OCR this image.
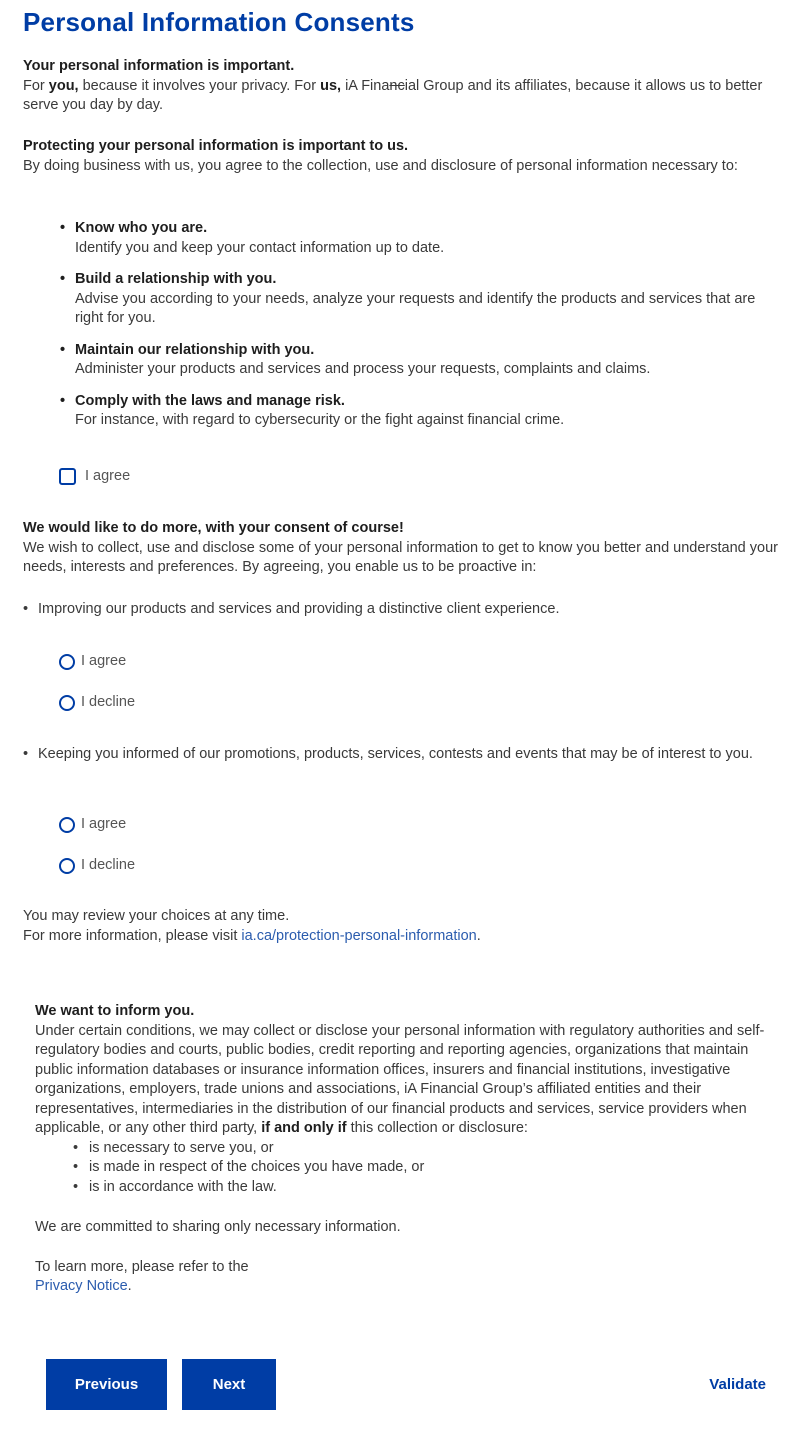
Personal Information Consents

Your personal information is important.

For you, because it involves your privacy. For us, iA Financial Group and its affiliates, because it allows us to better serve you day by day.

Protecting your personal information is important to us.

By doing business with us, you agree to the collection, use and disclosure of personal information necessary to:

• Know who you are.
Identify you and keep your contact information up to date.
• Build a relationship with you.
Advise you according to your needs, analyze your requests and identify the products and services that are right for you.
• Maintain our relationship with you.
Administer your products and services and process your requests, complaints and claims.
• Comply with the laws and manage risk.
For instance, with regard to cybersecurity or the fight against financial crime.
I agree

We would like to do more, with your consent of course!

We wish to collect, use and disclose some of your personal information to get to know you better and understand your needs, interests and preferences. By agreeing, you enable us to be proactive in:

• Improving our products and services and providing a distinctive client experience.
I agree
I decline
• Keeping you informed of our promotions, products, services, contests and events that may be of interest to you.
I agree
I decline

You may review your choices at any time.

For more information, please visit ia.ca/protection-personal-information.

We want to inform you.

Under certain conditions, we may collect or disclose your personal information with regulatory authorities and self-regulatory bodies and courts, public bodies, credit reporting and reporting agencies, organizations that maintain public information databases or insurance information offices, insurers and financial institutions, investigative organizations, employers, trade unions and associations, iA Financial Group’s affiliated entities and their representatives, intermediaries in the distribution of our financial products and services, service providers when applicable, or any other third party, if and only if this collection or disclosure:

• is necessary to serve you, or
• is made in respect of the choices you have made, or
• is in accordance with the law.

We are committed to sharing only necessary information.

To learn more, please refer to the

Privacy Notice.

Previous	Next	Validate
